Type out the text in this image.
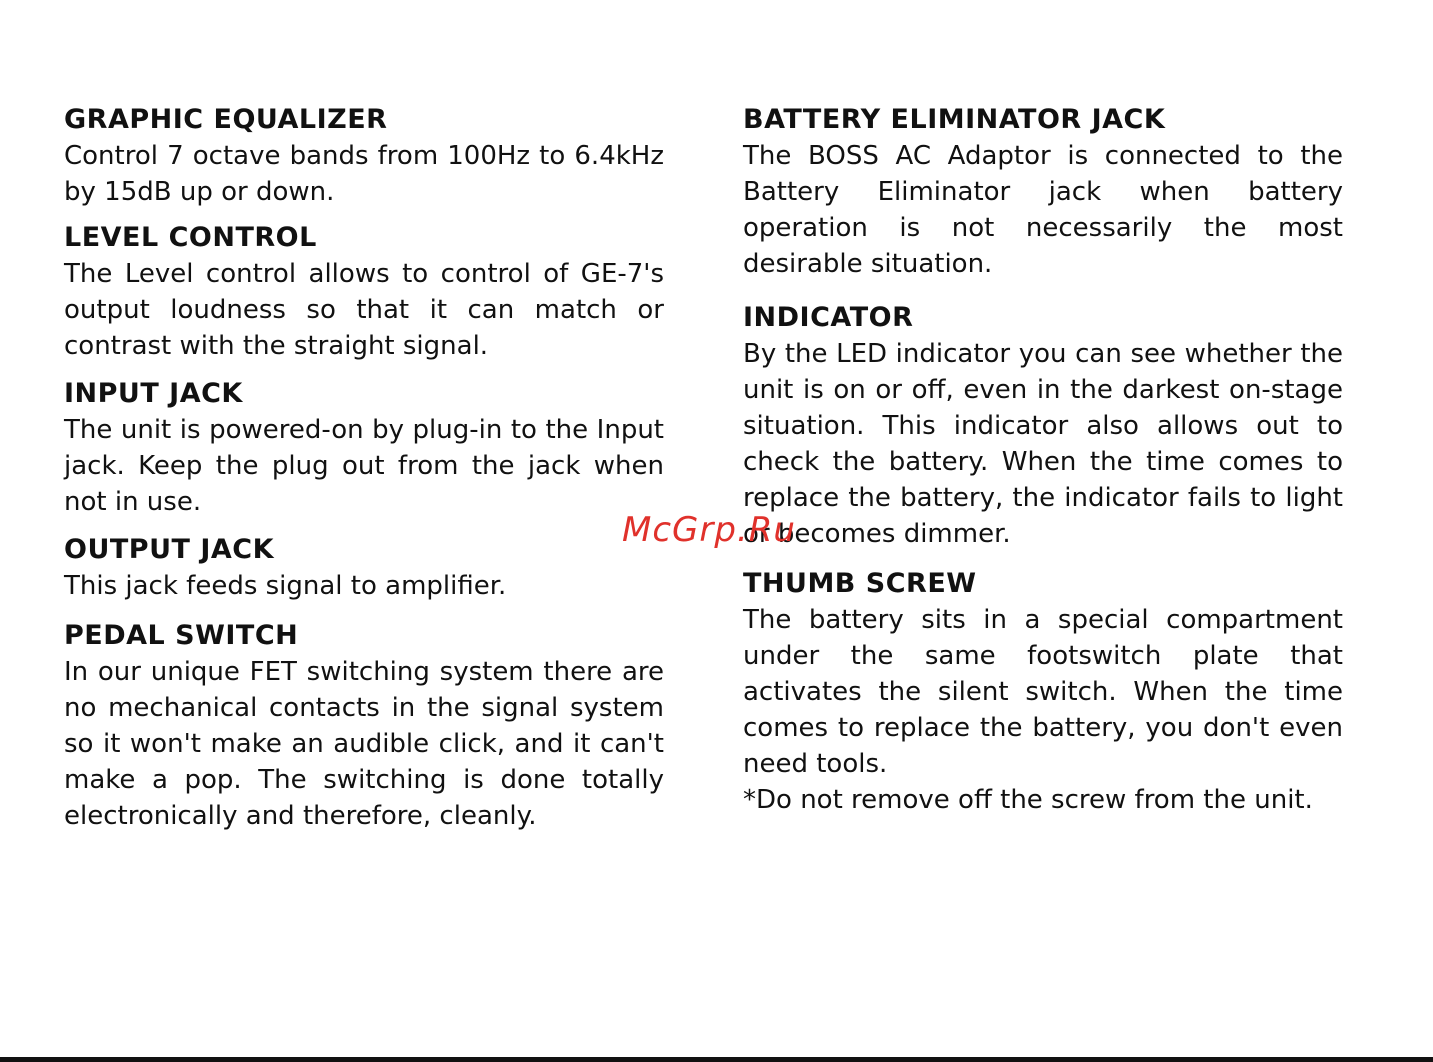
GRAPHIC EQUALIZER

Control 7 octave bands from 100Hz to 6.4kHz by 15dB up or down.

LEVEL CONTROL

The Level control allows to control of GE-7's output loudness so that it can match or contrast with the straight signal.

INPUT JACK

The unit is powered-on by plug-in to the Input jack. Keep the plug out from the jack when not in use.

OUTPUT JACK

This jack feeds signal to amplifier.

PEDAL SWITCH

In our unique FET switching system there are no mechanical contacts in the signal system so it won't make an audible click, and it can't make a pop. The switching is done totally electronically and therefore, cleanly.

BATTERY ELIMINATOR JACK

The BOSS AC Adaptor is connected to the Battery Eliminator jack when battery operation is not necessarily the most desirable situation.

INDICATOR

By the LED indicator you can see whether the unit is on or off, even in the darkest on-stage situation. This indicator also allows out to check the battery. When the time comes to replace the battery, the indicator fails to light or becomes dimmer.

THUMB SCREW

The battery sits in a special compartment under the same footswitch plate that activates the silent switch. When the time comes to replace the battery, you don't even need tools.

*Do not remove off the screw from the unit.

McGrp.Ru
